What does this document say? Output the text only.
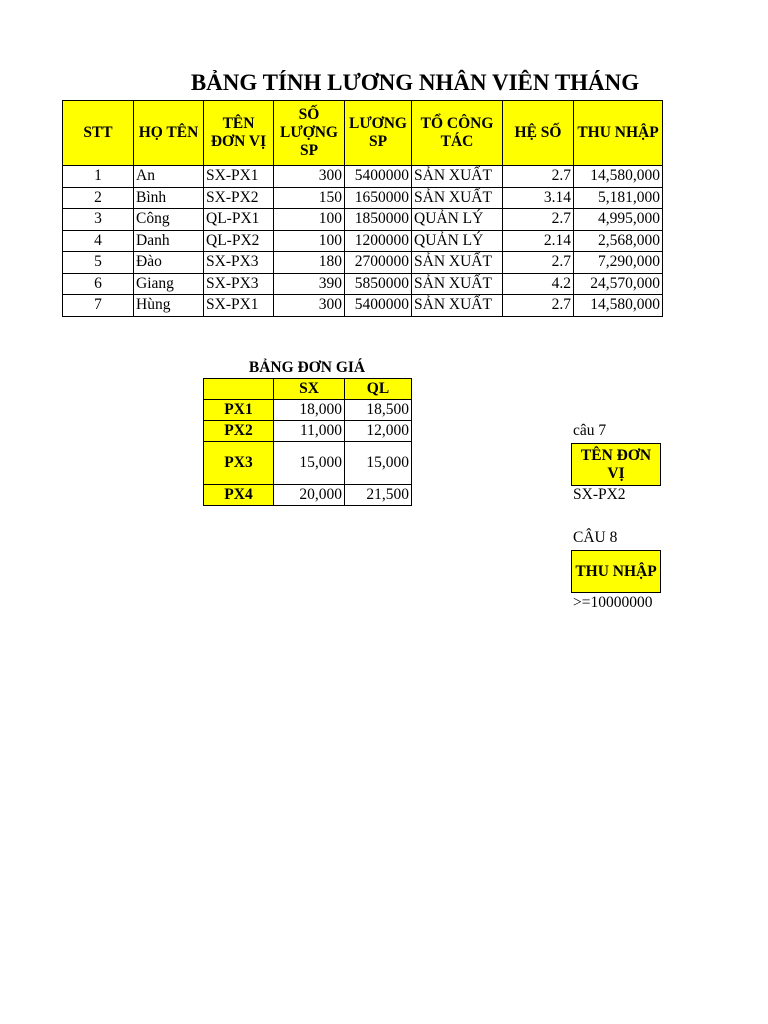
BẢNG TÍNH LƯƠNG NHÂN VIÊN THÁNG
STT	HỌ TÊN	TÊN ĐƠN VỊ	SỐ LƯỢNG SP	LƯƠNG SP	TỔ CÔNG TÁC	HỆ SỐ	THU NHẬP
1	An	SX-PX1	300	5400000	SẢN XUẤT	2.7	14,580,000
2	Bình	SX-PX2	150	1650000	SẢN XUẤT	3.14	5,181,000
3	Công	QL-PX1	100	1850000	QUẢN LÝ	2.7	4,995,000
4	Danh	QL-PX2	100	1200000	QUẢN LÝ	2.14	2,568,000
5	Đào	SX-PX3	180	2700000	SẢN XUẤT	2.7	7,290,000
6	Giang	SX-PX3	390	5850000	SẢN XUẤT	4.2	24,570,000
7	Hùng	SX-PX1	300	5400000	SẢN XUẤT	2.7	14,580,000
BẢNG ĐƠN GIÁ
	SX	QL
PX1	18,000	18,500
PX2	11,000	12,000
PX3	15,000	15,000
PX4	20,000	21,500
câu 7
TÊN ĐƠN VỊ
SX-PX2
CÂU 8
THU NHẬP
>=10000000
